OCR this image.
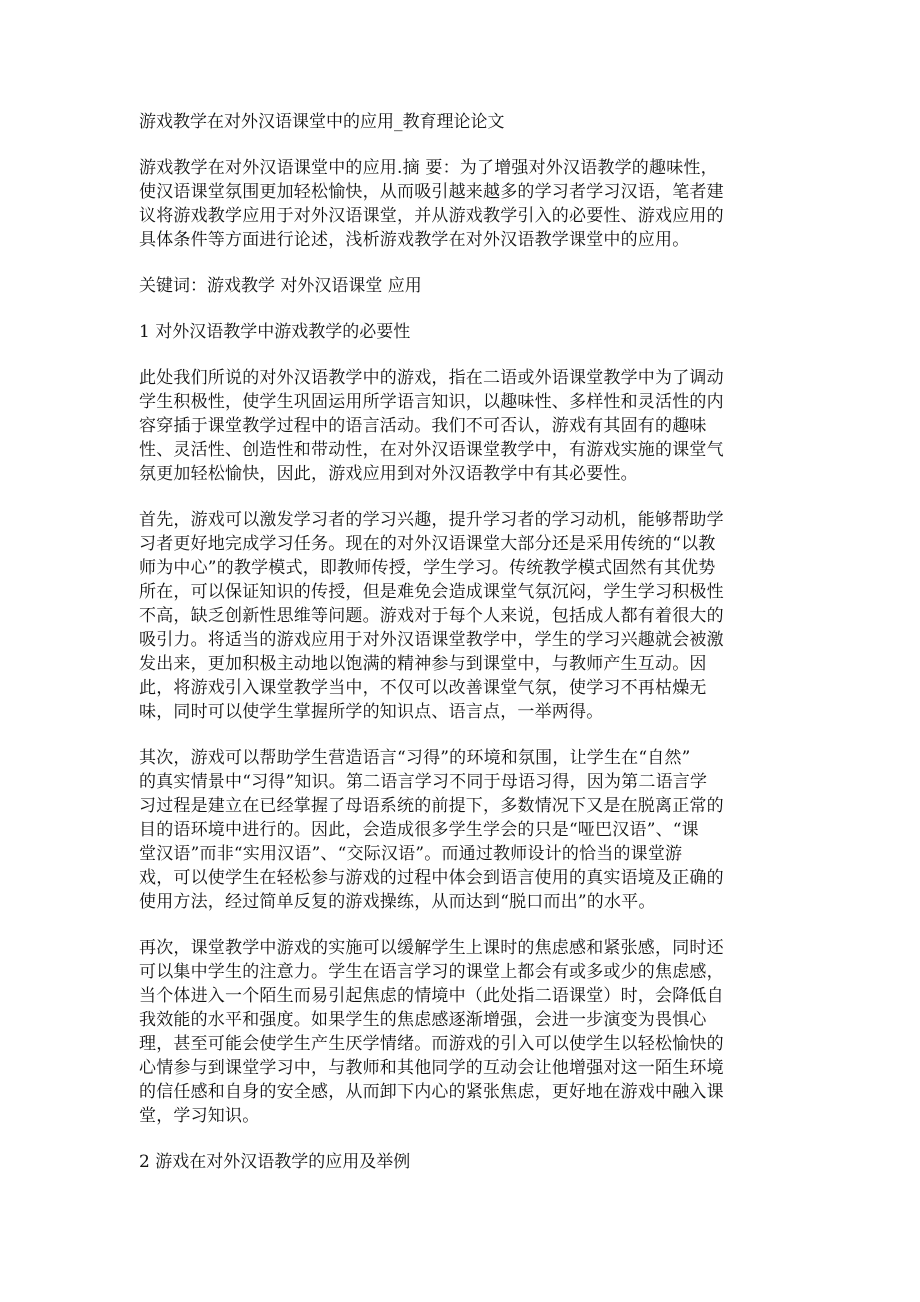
游戏教学在对外汉语课堂中的应用_教育理论论文

游戏教学在对外汉语课堂中的应用.摘 要：为了增强对外汉语教学的趣味性，
使汉语课堂氛围更加轻松愉快，从而吸引越来越多的学习者学习汉语，笔者建
议将游戏教学应用于对外汉语课堂，并从游戏教学引入的必要性、游戏应用的
具体条件等方面进行论述，浅析游戏教学在对外汉语教学课堂中的应用。

关键词：游戏教学 对外汉语课堂 应用
1 对外汉语教学中游戏教学的必要性

此处我们所说的对外汉语教学中的游戏，指在二语或外语课堂教学中为了调动
学生积极性，使学生巩固运用所学语言知识，以趣味性、多样性和灵活性的内
容穿插于课堂教学过程中的语言活动。我们不可否认，游戏有其固有的趣味
性、灵活性、创造性和带动性，在对外汉语课堂教学中，有游戏实施的课堂气
氛更加轻松愉快，因此，游戏应用到对外汉语教学中有其必要性。

首先，游戏可以激发学习者的学习兴趣，提升学习者的学习动机，能够帮助学
习者更好地完成学习任务。现在的对外汉语课堂大部分还是采用传统的“以教
师为中心”的教学模式，即教师传授，学生学习。传统教学模式固然有其优势
所在，可以保证知识的传授，但是难免会造成课堂气氛沉闷，学生学习积极性
不高，缺乏创新性思维等问题。游戏对于每个人来说，包括成人都有着很大的
吸引力。将适当的游戏应用于对外汉语课堂教学中，学生的学习兴趣就会被激
发出来，更加积极主动地以饱满的精神参与到课堂中，与教师产生互动。因
此，将游戏引入课堂教学当中，不仅可以改善课堂气氛，使学习不再枯燥无
味，同时可以使学生掌握所学的知识点、语言点，一举两得。

其次，游戏可以帮助学生营造语言“习得”的环境和氛围，让学生在“自然”
的真实情景中“习得”知识。第二语言学习不同于母语习得，因为第二语言学
习过程是建立在已经掌握了母语系统的前提下，多数情况下又是在脱离正常的
目的语环境中进行的。因此，会造成很多学生学会的只是“哑巴汉语”、“课
堂汉语”而非“实用汉语”、“交际汉语”。而通过教师设计的恰当的课堂游
戏，可以使学生在轻松参与游戏的过程中体会到语言使用的真实语境及正确的
使用方法，经过简单反复的游戏操练，从而达到“脱口而出”的水平。

再次，课堂教学中游戏的实施可以缓解学生上课时的焦虑感和紧张感，同时还
可以集中学生的注意力。学生在语言学习的课堂上都会有或多或少的焦虑感，
当个体进入一个陌生而易引起焦虑的情境中（此处指二语课堂）时，会降低自
我效能的水平和强度。如果学生的焦虑感逐渐增强，会进一步演变为畏惧心
理，甚至可能会使学生产生厌学情绪。而游戏的引入可以使学生以轻松愉快的
心情参与到课堂学习中，与教师和其他同学的互动会让他增强对这一陌生环境
的信任感和自身的安全感，从而卸下内心的紧张焦虑，更好地在游戏中融入课
堂，学习知识。

2 游戏在对外汉语教学的应用及举例
